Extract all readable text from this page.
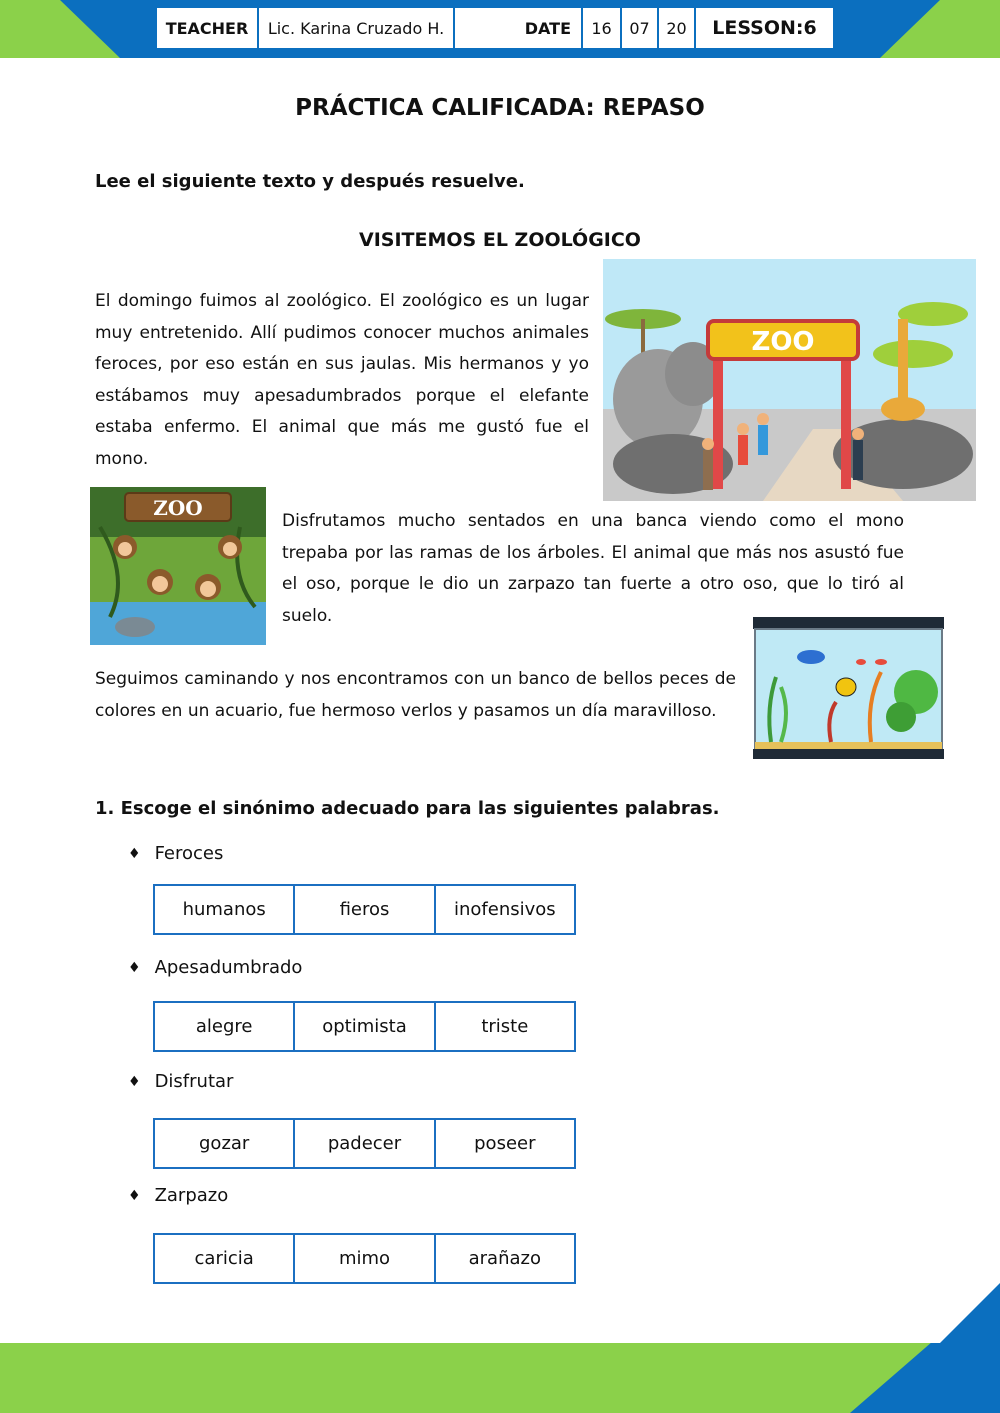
TEACHER	Lic. Karina Cruzado H.	DATE	16	07	20	LESSON:6
PRÁCTICA CALIFICADA: REPASO
Lee el siguiente texto y después resuelve.
VISITEMOS EL ZOOLÓGICO

El domingo fuimos al zoológico. El zoológico es un lugar muy entretenido. Allí pudimos conocer muchos animales feroces, por eso están en sus jaulas. Mis hermanos y yo estábamos muy apesadumbrados porque el elefante estaba enfermo. El animal que más me gustó fue el mono.

ZOO
ZOO

Disfrutamos mucho sentados en una banca viendo como el mono trepaba por las ramas de los árboles. El animal que más nos asustó fue el oso, porque le dio un zarpazo tan fuerte a otro oso, que lo tiró al suelo.

Seguimos caminando y nos encontramos con un banco de bellos peces de colores en un acuario, fue hermoso verlos y pasamos un día maravilloso.

1. Escoge el sinónimo adecuado para las siguientes palabras.
♦ Feroces
humanos	fieros	inofensivos
♦ Apesadumbrado
alegre	optimista	triste
♦ Disfrutar
gozar	padecer	poseer
♦ Zarpazo
caricia	mimo	arañazo
